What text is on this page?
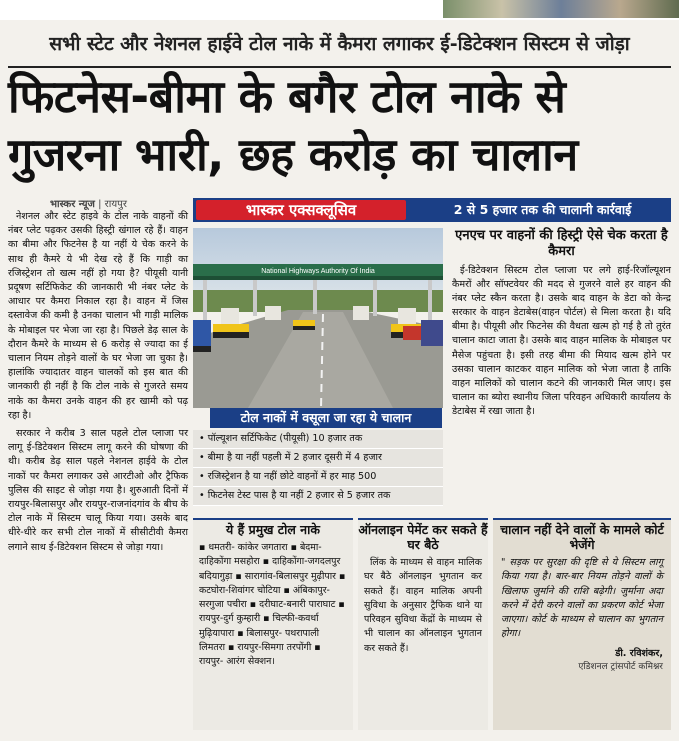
सभी स्टेट और नेशनल हाईवे टोल नाके में कैमरा लगाकर ई-डिटेक्शन सिस्टम से जोड़ा
फिटनेस-बीमा के बगैर टोल नाके से
गुजरना भारी, छह करोड़ का चालान
भास्कर न्यूज | रायपुर

नेशनल और स्टेट हाइवे के टोल नाके वाहनों की नंबर प्लेट पढ़कर उसकी हिस्ट्री खंगाल रहे हैं। वाहन का बीमा और फिटनेस है या नहीं ये चेक करने के साथ ही कैमरे ये भी देख रहे हैं कि गाड़ी का रजिस्ट्रेशन तो खत्म नहीं हो गया है? पीयूसी यानी प्रदूषण सर्टिफिकेट की जानकारी भी नंबर प्लेट के आधार पर कैमरा निकाल रहा है। वाहन में जिस दस्तावेज की कमी है उनका चालान भी गाड़ी मालिक के मोबाइल पर भेजा जा रहा है। पिछले डेढ़ साल के दौरान कैमरे के माध्यम से 6 करोड़ से ज्यादा का ई चालान नियम तोड़ने वालों के घर भेजा जा चुका है। हालांकि ज्यादातर वाहन चालकों को इस बात की जानकारी ही नहीं है कि टोल नाके से गुजरते समय नाके का कैमरा उनके वाहन की हर खामी को पढ़ रहा है।

सरकार ने करीब 3 साल पहले टोल प्लाजा पर लागू ई-डिटेक्शन सिस्टम लागू करने की घोषणा की थी। करीब डेढ़ साल पहले नेशनल हाईवे के टोल नाकों पर कैमरा लगाकर उसे आरटीओ और ट्रैफिक पुलिस की साइट से जोड़ा गया है। शुरुआती दिनों में रायपुर-बिलासपुर और रायपुर-राजनांदगांव के बीच के टोल नाके में सिस्टम चालू किया गया। उसके बाद धीरे-धीरे कर सभी टोल नाकों में सीसीटीवी कैमरा लगाने साथ ई-डिटेक्शन सिस्टम से जोड़ा गया।

भास्कर एक्सक्लूसिव	2 से 5 हजार तक की चालानी कार्रवाई
National Highways Authority Of India
टोल नाकों में वसूला जा रहा ये चालान
• पॉल्यूशन सर्टिफिकेट (पीयूसी) 10 हजार तक
• बीमा है या नहीं पहली में 2 हजार दूसरी में 4 हजार
• रजिस्ट्रेशन है या नहीं छोटे वाहनों में हर माह 500
• फिटनेस टेस्ट पास है या नहीं 2 हजार से 5 हजार तक
एनएच पर वाहनों की हिस्ट्री ऐसे चेक करता है कैमरा

ई-डिटेक्शन सिस्टम टोल प्लाजा पर लगे हाई-रिजॉल्यूशन कैमरों और सॉफ्टवेयर की मदद से गुजरने वाले हर वाहन की नंबर प्लेट स्कैन करता है। उसके बाद वाहन के डेटा को केन्द्र सरकार के वाहन डेटाबेस(वाहन पोर्टल) से मिला करता है। यदि बीमा है। पीयूसी और फिटनेस की वैधता खत्म हो गई है तो तुरंत चालान काटा जाता है। उसके बाद वाहन मालिक के मोबाइल पर मैसेज पहुंचता है। इसी तरह बीमा की मियाद खत्म होने पर उसका चालान काटकर वाहन मालिक को भेजा जाता है ताकि वाहन मालिकों को चालान कटने की जानकारी मिल जाए। इस चालान का ब्योरा स्थानीय जिला परिवहन अधिकारी कार्यालय के डेटाबेस में रखा जाता है।

ये हैं प्रमुख टोल नाके
▪ धमतरी- कांकेर जगतारा ▪ बेदमा-दाहिकोंगा मसहोरा ▪ दाहिकोंगा-जगदलपुर बदियागुड़ा ▪ सारागांव-बिलासपुर मुढ़ीपार ▪ कटघोरा-शिवांगर चोटिया ▪ अंबिकापुर-सरगुजा पचीरा ▪ दरीघाट-बनारी पाराघाट ▪ रायपुर-दुर्ग कुम्हारी ▪ चिल्फी-कवर्धा मुढ़ियापारा ▪ बिलासपुर- पथरापाली लिमतरा ▪ रायपुर-सिमगा तरपोंगी ▪ रायपुर- आरंग सेक्शन।
ऑनलाइन पेमेंट कर सकते हैं घर बैठे

लिंक के माध्यम से वाहन मालिक घर बैठे ऑनलाइन भुगतान कर सकते हैं। वाहन मालिक अपनी सुविधा के अनुसार ट्रैफिक थाने या परिवहन सुविधा केंद्रों के माध्यम से भी चालान का ऑनलाइन भुगतान कर सकते हैं।

चालान नहीं देने वालों के मामले कोर्ट भेजेंगे

" सड़क पर सुरक्षा की दृष्टि से ये सिस्टम लागू किया गया है। बार-बार नियम तोड़ने वालों के खिलाफ जुर्माने की राशि बढ़ेगी। जुर्माना अदा करने में देरी करने वालों का प्रकरण कोर्ट भेजा जाएगा। कोर्ट के माध्यम से चालान का भुगतान होगा।

डी. रविशंकर,
एडिशनल ट्रांसपोर्ट कमिश्नर
